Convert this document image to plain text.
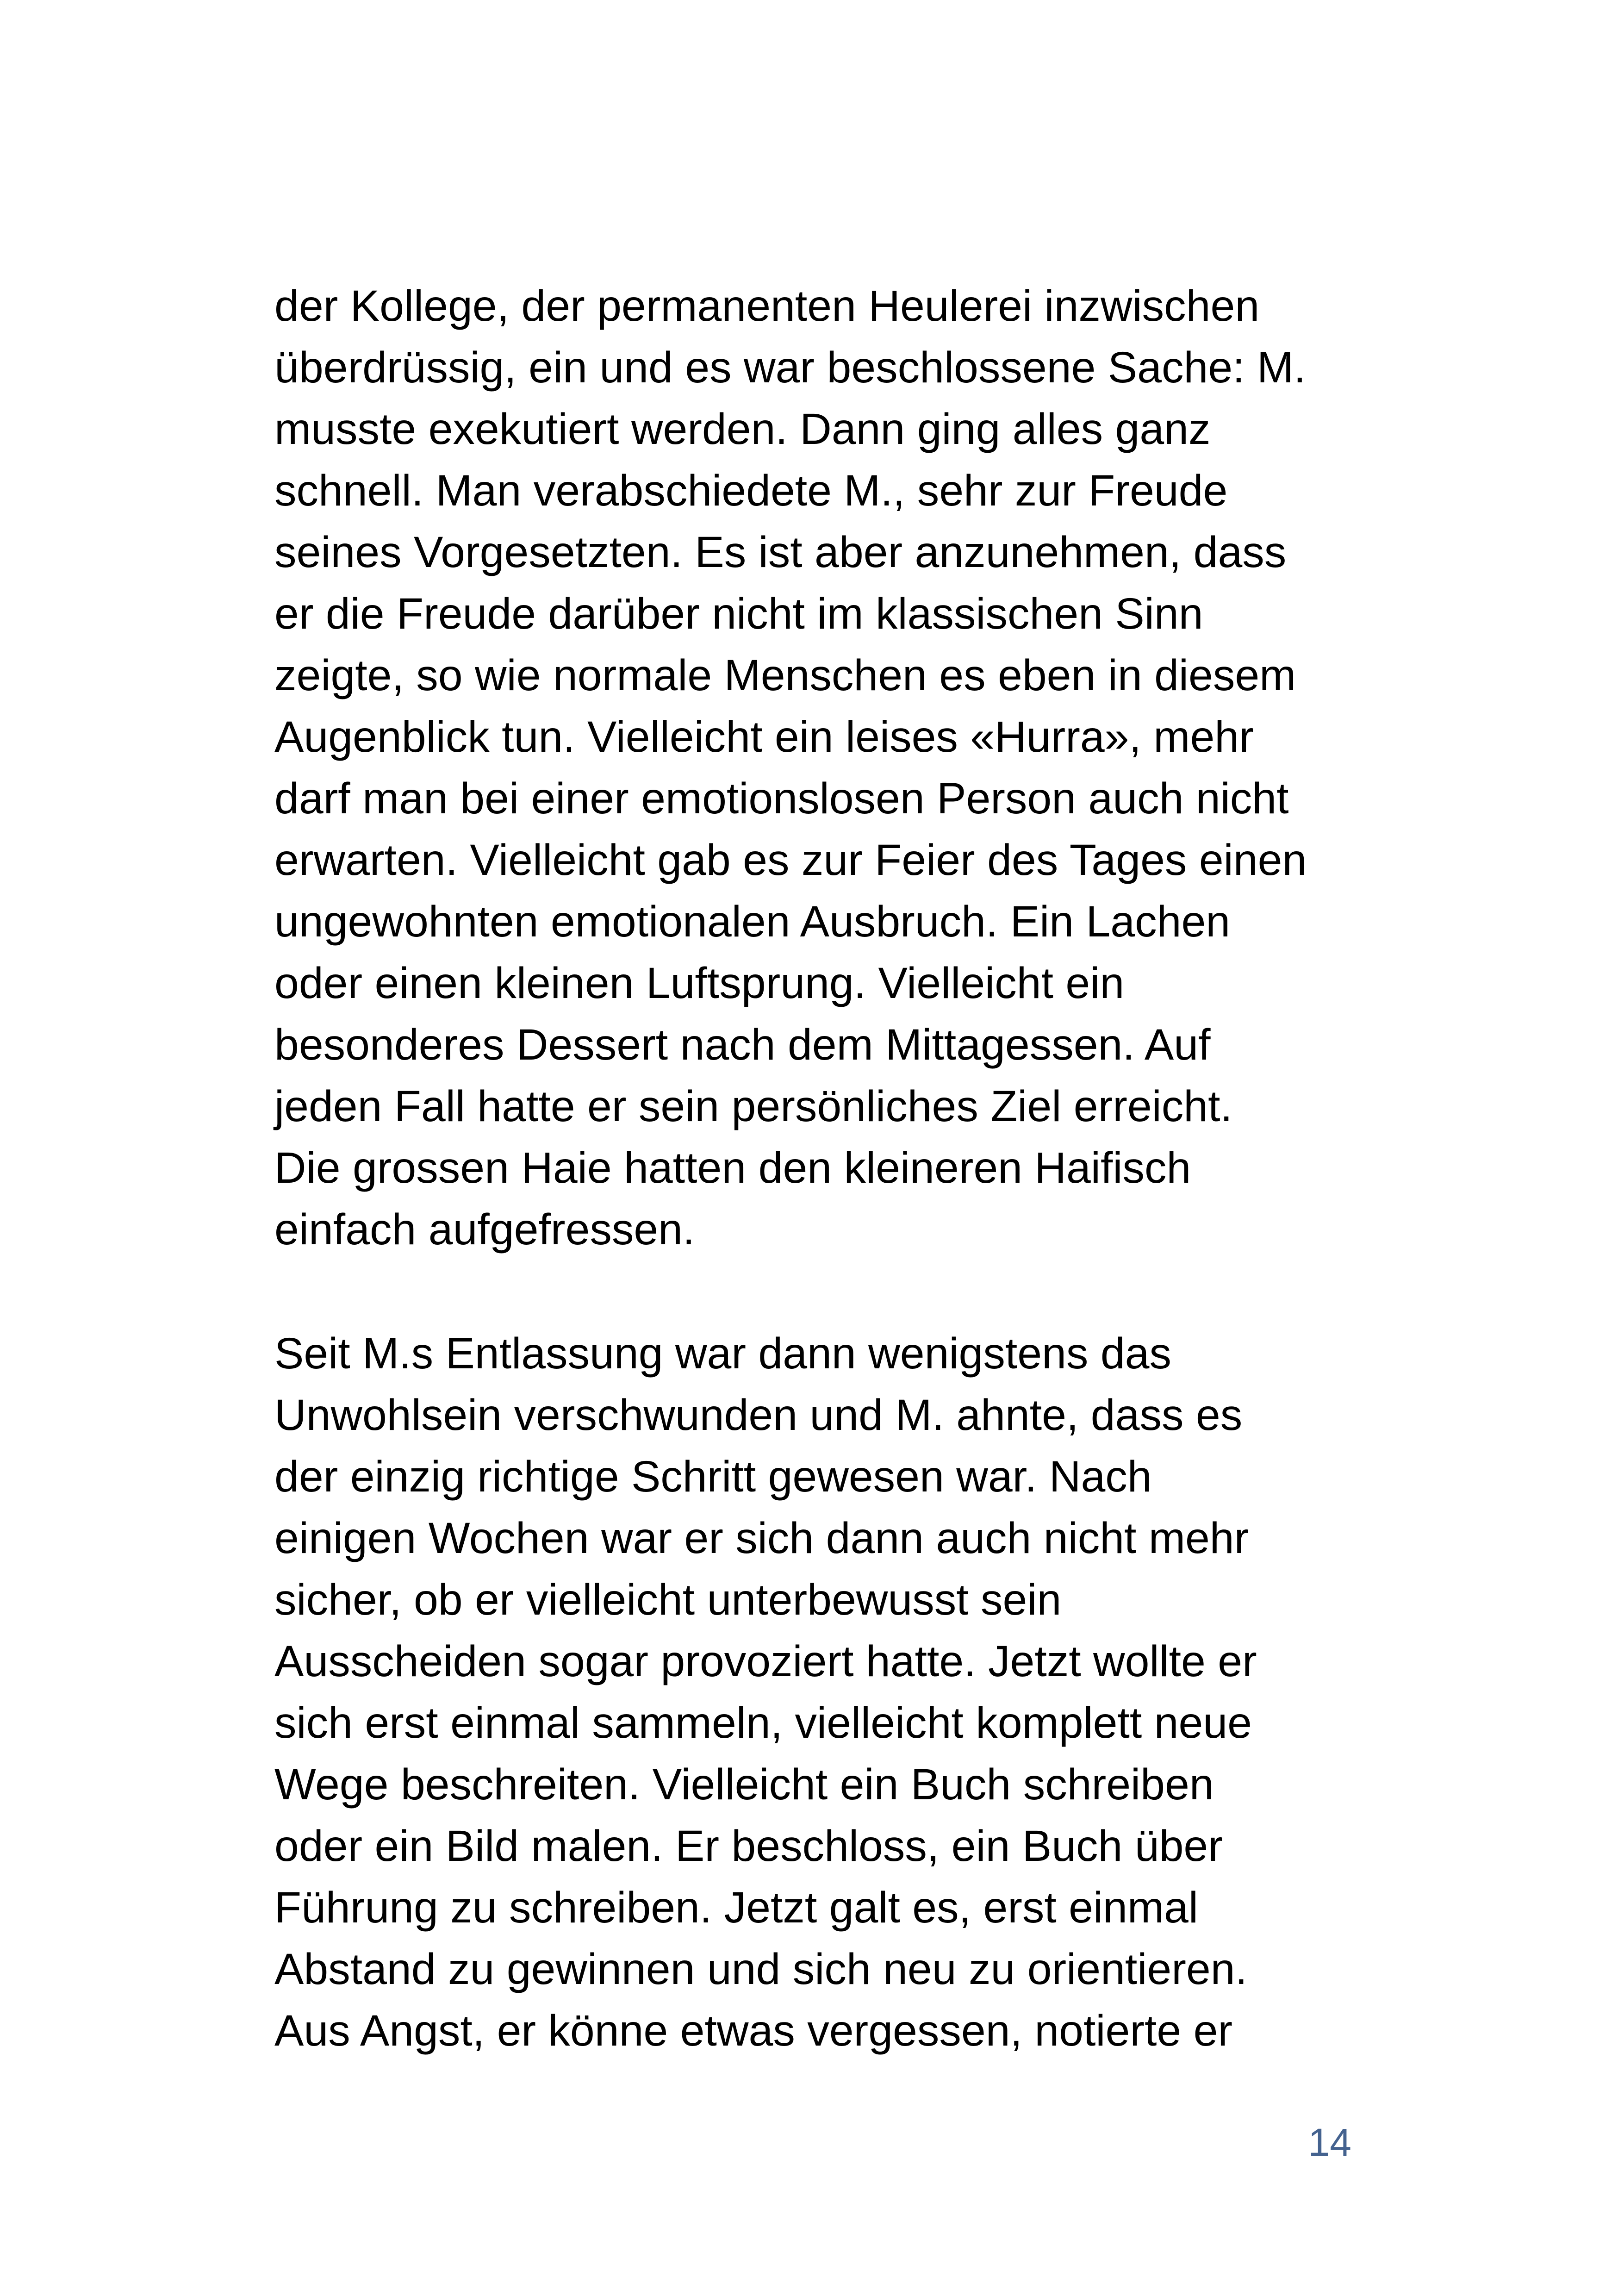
der Kollege, der permanenten Heulerei inzwischen
überdrüssig, ein und es war beschlossene Sache: M.
musste exekutiert werden. Dann ging alles ganz
schnell. Man verabschiedete M., sehr zur Freude
seines Vorgesetzten. Es ist aber anzunehmen, dass
er die Freude darüber nicht im klassischen Sinn
zeigte, so wie normale Menschen es eben in diesem
Augenblick tun. Vielleicht ein leises «Hurra», mehr
darf man bei einer emotionslosen Person auch nicht
erwarten. Vielleicht gab es zur Feier des Tages einen
ungewohnten emotionalen Ausbruch. Ein Lachen
oder einen kleinen Luftsprung. Vielleicht ein
besonderes Dessert nach dem Mittagessen. Auf
jeden Fall hatte er sein persönliches Ziel erreicht.
Die grossen Haie hatten den kleineren Haifisch
einfach aufgefressen.
Seit M.s Entlassung war dann wenigstens das
Unwohlsein verschwunden und M. ahnte, dass es
der einzig richtige Schritt gewesen war. Nach
einigen Wochen war er sich dann auch nicht mehr
sicher, ob er vielleicht unterbewusst sein
Ausscheiden sogar provoziert hatte. Jetzt wollte er
sich erst einmal sammeln, vielleicht komplett neue
Wege beschreiten. Vielleicht ein Buch schreiben
oder ein Bild malen. Er beschloss, ein Buch über
Führung zu schreiben. Jetzt galt es, erst einmal
Abstand zu gewinnen und sich neu zu orientieren.
Aus Angst, er könne etwas vergessen, notierte er
14
